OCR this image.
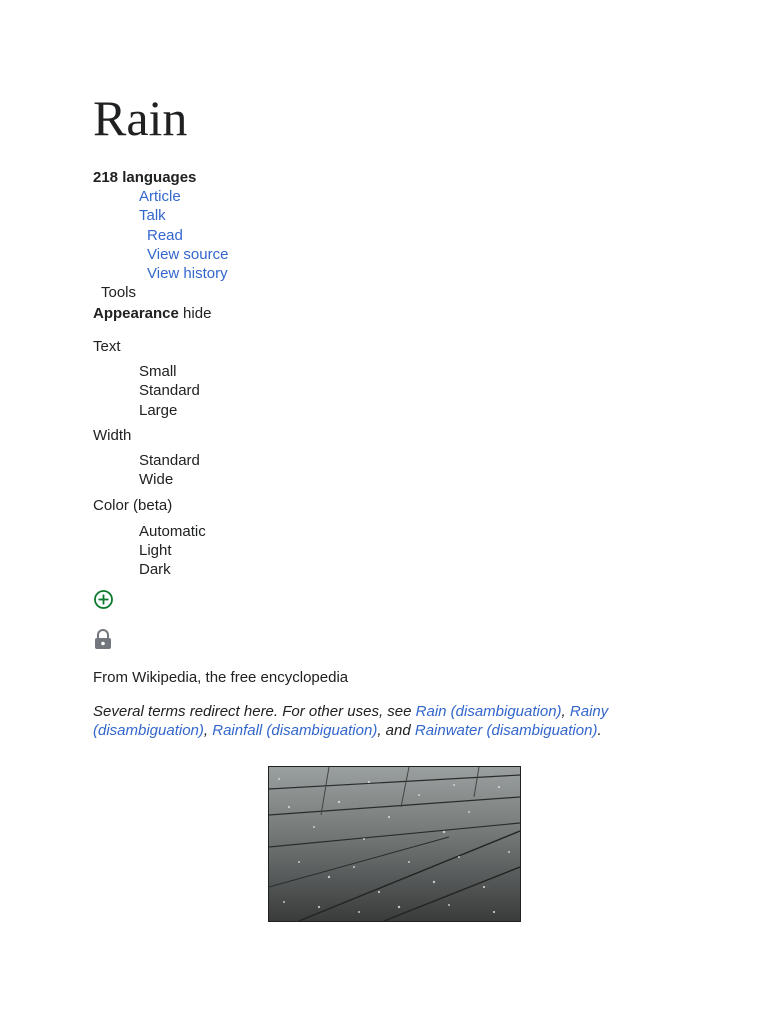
Rain
218 languages
Article
Talk
Read
View source
View history
Tools
Appearance hide
Text
Small
Standard
Large
Width
Standard
Wide
Color (beta)
Automatic
Light
Dark
From Wikipedia, the free encyclopedia
Several terms redirect here. For other uses, see Rain (disambiguation), Rainy (disambiguation), Rainfall (disambiguation), and Rainwater (disambiguation).
